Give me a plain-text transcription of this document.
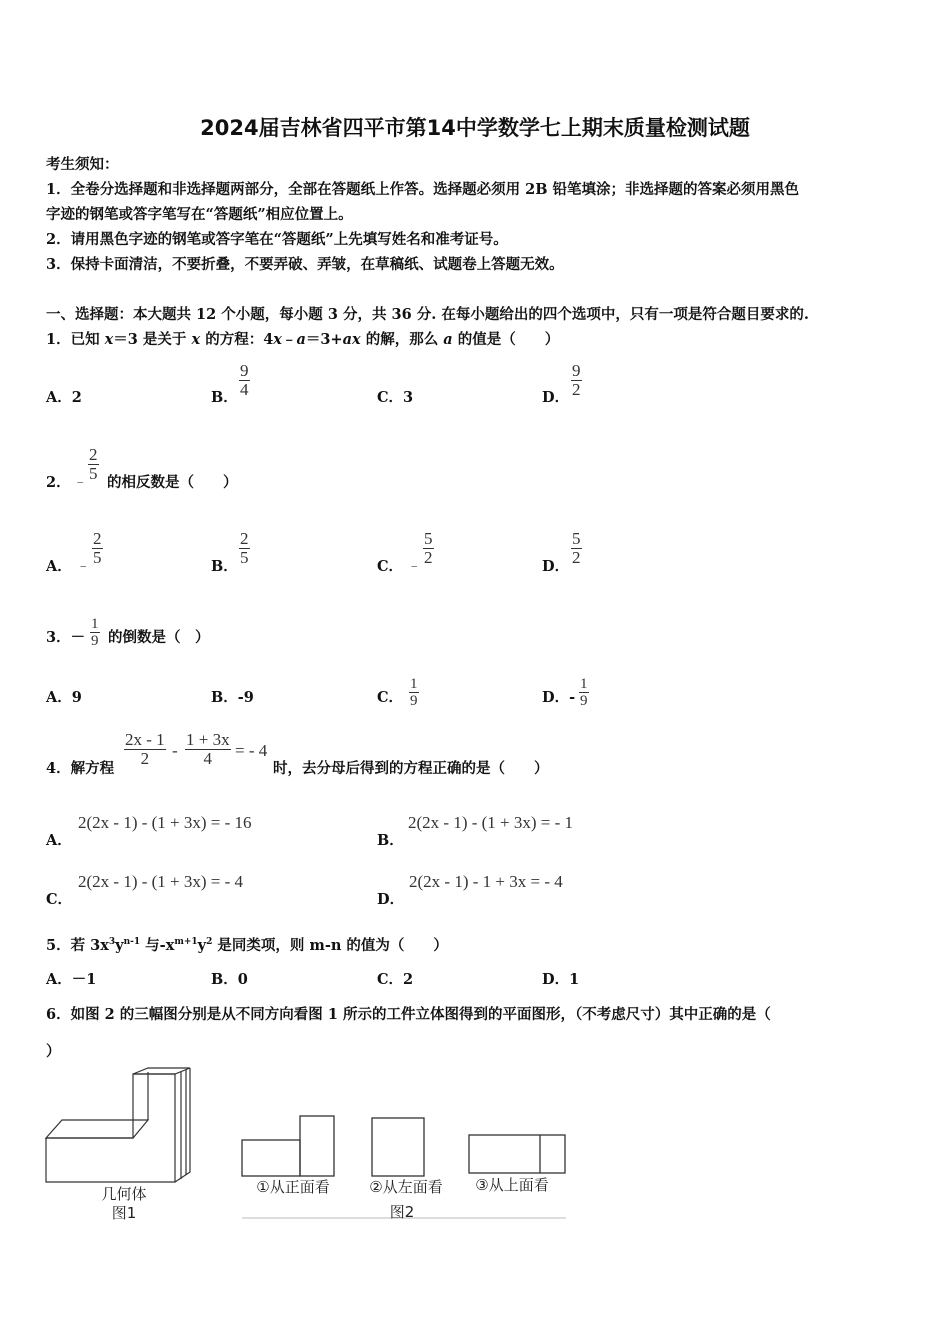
2024届吉林省四平市第14中学数学七上期末质量检测试题
考生须知：
1．全卷分选择题和非选择题两部分，全部在答题纸上作答。选择题必须用 2B 铅笔填涂；非选择题的答案必须用黑色
字迹的钢笔或答字笔写在“答题纸”相应位置上。
2．请用黑色字迹的钢笔或答字笔在“答题纸”上先填写姓名和准考证号。
3．保持卡面清洁，不要折叠，不要弄破、弄皱，在草稿纸、试题卷上答题无效。
一、选择题：本大题共 12 个小题，每小题 3 分，共 36 分. 在每小题给出的四个选项中，只有一项是符合题目要求的.
1．已知 x＝3 是关于 x 的方程：4x﹣a＝3+ax 的解，那么 a 的值是（　　）
A．2	B． $\frac{9}{4}$	C．3	D． $\frac{9}{2}$
2． ﹣ $\frac{2}{5}$ 的相反数是（　　）
A． ﹣ $\frac{2}{5}$	B． $\frac{2}{5}$	C． ﹣ $\frac{5}{2}$	D． $\frac{5}{2}$
3．－ $\frac{1}{9}$ 的倒数是（　）
A．9	B．-9	C． $\frac{1}{9}$	D．- $\frac{1}{9}$
4．解方程
$\frac{2x - 1}{2} - \frac{1 + 3x}{4}$ = - 4
时，去分母后得到的方程正确的是（　　）
A．
2(2x - 1) - (1 + 3x) = - 16
B．
2(2x - 1) - (1 + 3x) = - 1
C．
2(2x - 1) - (1 + 3x) = - 4
D．
2(2x - 1) - 1 + 3x = - 4
5．若 $3x^3y^{n-1}$ 与$-x^{m+1}y^2$ 是同类项，则 m-n 的值为（　　）
A．－1	B．0	C．2	D．1
6．如图 2 的三幅图分别是从不同方向看图 1 所示的工件立体图得到的平面图形，（不考虑尺寸）其中正确的是（
）
几何体
图1
①从正面看	②从左面看 ③从上面看
图2
